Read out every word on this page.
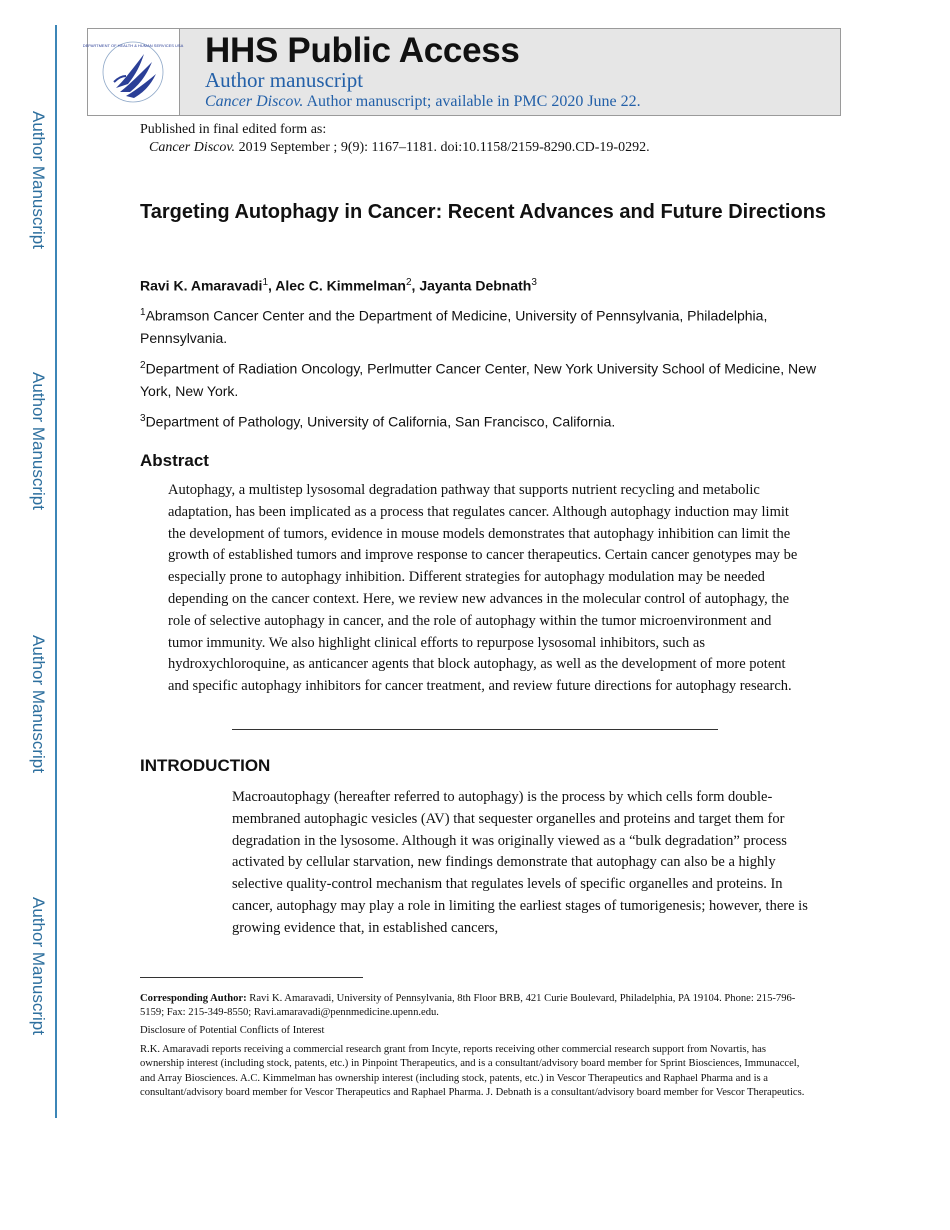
Author Manuscript
Author Manuscript
Author Manuscript
Author Manuscript
DEPARTMENT OF HEALTH & HUMAN SERVICES USA HHS Public Access
Author manuscript
Cancer Discov. Author manuscript; available in PMC 2020 June 22.
Published in final edited form as:
Cancer Discov. 2019 September ; 9(9): 1167–1181. doi:10.1158/2159-8290.CD-19-0292.
Targeting Autophagy in Cancer: Recent Advances and Future Directions
Ravi K. Amaravadi$^1$, Alec C. Kimmelman$^2$, Jayanta Debnath$^3$
$^1$Abramson Cancer Center and the Department of Medicine, University of Pennsylvania, Philadelphia, Pennsylvania.
$^2$Department of Radiation Oncology, Perlmutter Cancer Center, New York University School of Medicine, New York, New York.
$^3$Department of Pathology, University of California, San Francisco, California.
Abstract

Autophagy, a multistep lysosomal degradation pathway that supports nutrient recycling and metabolic adaptation, has been implicated as a process that regulates cancer. Although autophagy induction may limit the development of tumors, evidence in mouse models demonstrates that autophagy inhibition can limit the growth of established tumors and improve response to cancer therapeutics. Certain cancer genotypes may be especially prone to autophagy inhibition. Different strategies for autophagy modulation may be needed depending on the cancer context. Here, we review new advances in the molecular control of autophagy, the role of selective autophagy in cancer, and the role of autophagy within the tumor microenvironment and tumor immunity. We also highlight clinical efforts to repurpose lysosomal inhibitors, such as hydroxychloroquine, as anticancer agents that block autophagy, as well as the development of more potent and specific autophagy inhibitors for cancer treatment, and review future directions for autophagy research.

INTRODUCTION

Macroautophagy (hereafter referred to autophagy) is the process by which cells form double-membraned autophagic vesicles (AV) that sequester organelles and proteins and target them for degradation in the lysosome. Although it was originally viewed as a “bulk degradation” process activated by cellular starvation, new findings demonstrate that autophagy can also be a highly selective quality-control mechanism that regulates levels of specific organelles and proteins. In cancer, autophagy may play a role in limiting the earliest stages of tumorigenesis; however, there is growing evidence that, in established cancers,

Corresponding Author: Ravi K. Amaravadi, University of Pennsylvania, 8th Floor BRB, 421 Curie Boulevard, Philadelphia, PA 19104. Phone: 215-796-5159; Fax: 215-349-8550; Ravi.amaravadi@pennmedicine.upenn.edu.

Disclosure of Potential Conflicts of Interest

R.K. Amaravadi reports receiving a commercial research grant from Incyte, reports receiving other commercial research support from Novartis, has ownership interest (including stock, patents, etc.) in Pinpoint Therapeutics, and is a consultant/advisory board member for Sprint Biosciences, Immunaccel, and Array Biosciences. A.C. Kimmelman has ownership interest (including stock, patents, etc.) in Vescor Therapeutics and Raphael Pharma and is a consultant/advisory board member for Vescor Therapeutics and Raphael Pharma. J. Debnath is a consultant/advisory board member for Vescor Therapeutics.
